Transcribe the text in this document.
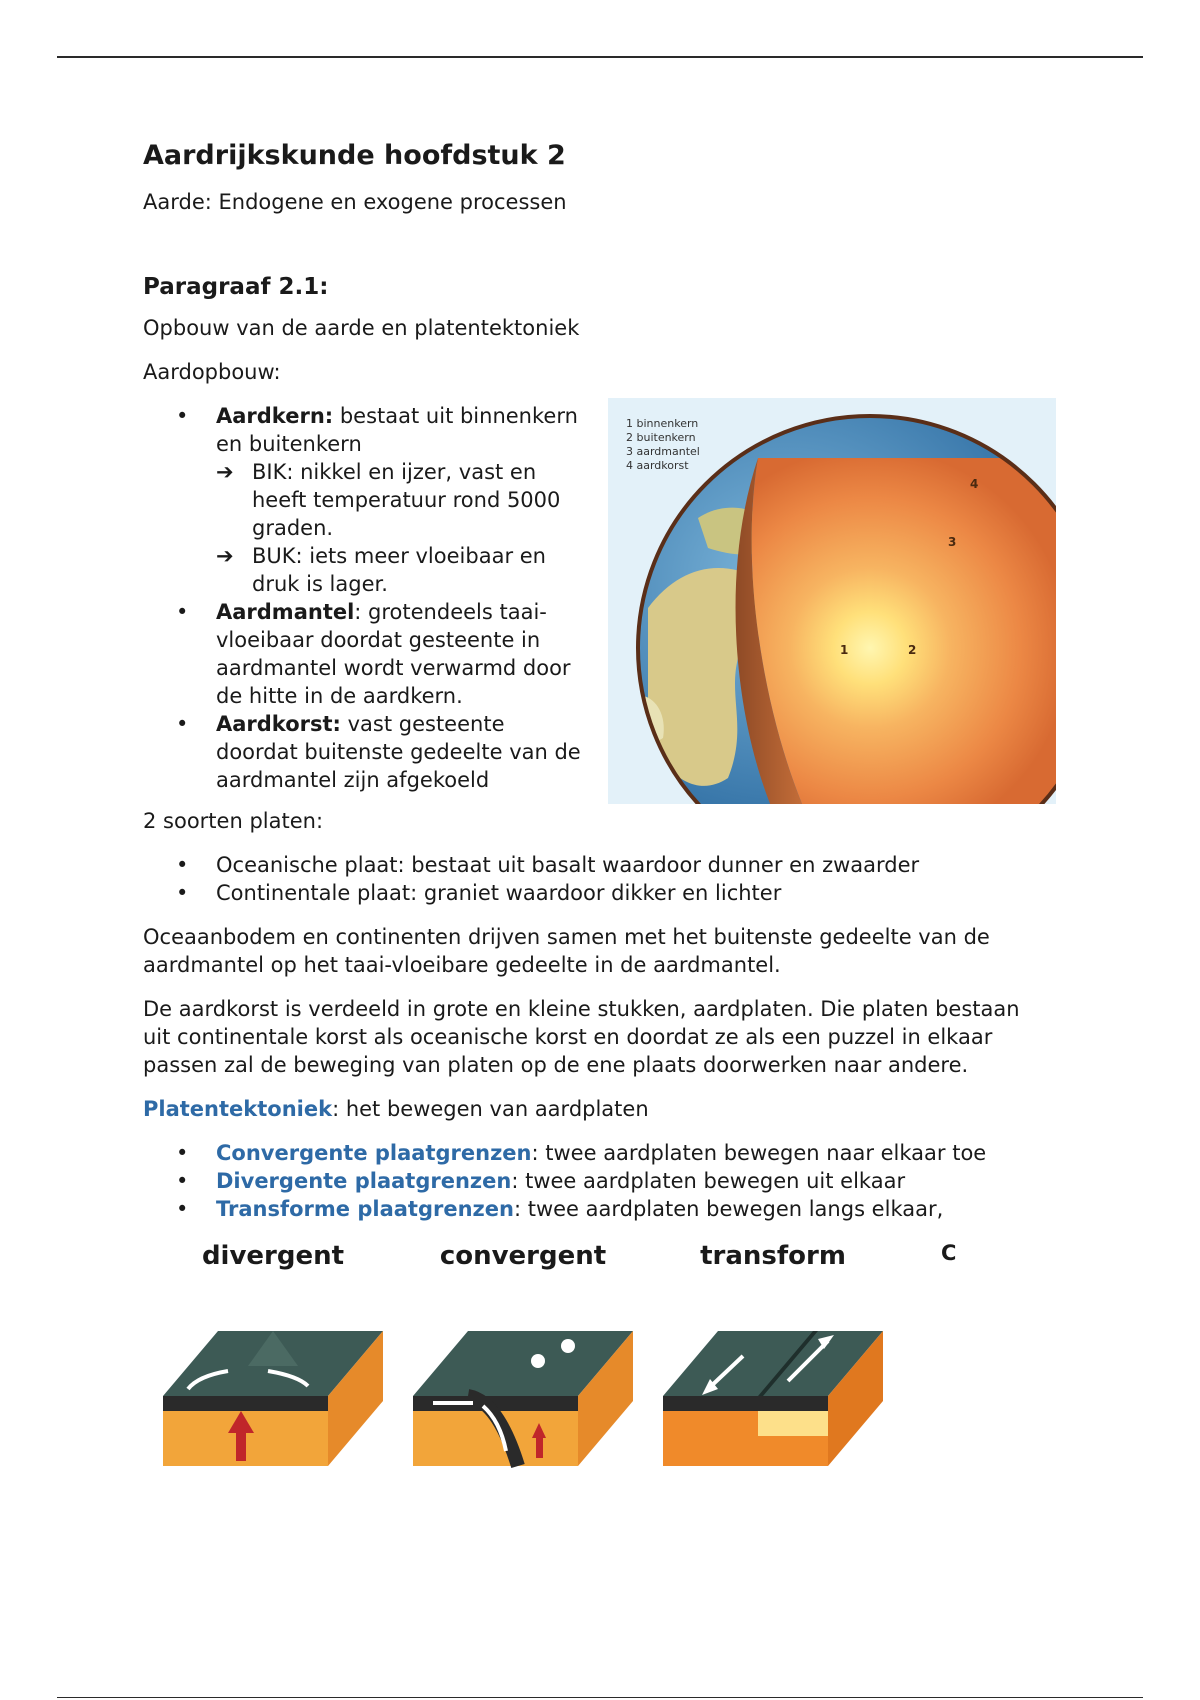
Aardrijkskunde hoofdstuk 2

Aarde: Endogene en exogene processen

Paragraaf 2.1:

Opbouw van de aarde en platentektoniek

Aardopbouw:

• Aardkern: bestaat uit binnenkern en buitenkern
➔ BIK: nikkel en ijzer, vast en heeft temperatuur rond 5000 graden.
➔ BUK: iets meer vloeibaar en druk is lager.
• Aardmantel: grotendeels taai-vloeibaar doordat gesteente in aardmantel wordt verwarmd door de hitte in de aardkern.
• Aardkorst: vast gesteente doordat buitenste gedeelte van de aardmantel zijn afgekoeld
1 binnenkern
2 buitenkern
3 aardmantel
4 aardkorst
1	2
3
4

2 soorten platen:

• Oceanische plaat: bestaat uit basalt waardoor dunner en zwaarder
• Continentale plaat: graniet waardoor dikker en lichter

Oceaanbodem en continenten drijven samen met het buitenste gedeelte van de aardmantel op het taai-vloeibare gedeelte in de aardmantel.

De aardkorst is verdeeld in grote en kleine stukken, aardplaten. Die platen bestaan uit continentale korst als oceanische korst en doordat ze als een puzzel in elkaar passen zal de beweging van platen op de ene plaats doorwerken naar andere.

Platentektoniek: het bewegen van aardplaten

• Convergente plaatgrenzen: twee aardplaten bewegen naar elkaar toe
• Divergente plaatgrenzen: twee aardplaten bewegen uit elkaar
• Transforme plaatgrenzen: twee aardplaten bewegen langs elkaar,
divergent	convergent	transform	C
